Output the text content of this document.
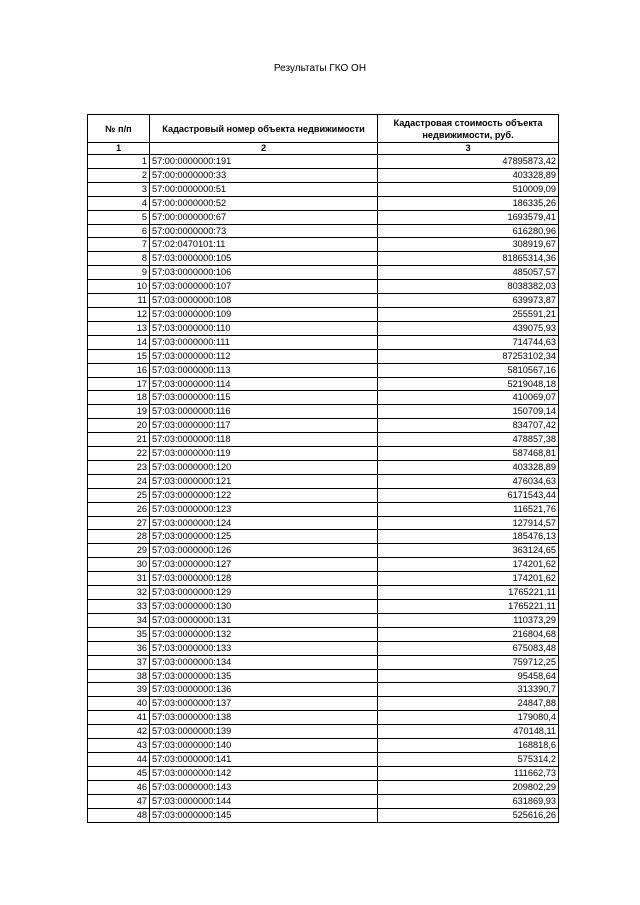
Результаты ГКО ОН
№ п/п	Кадастровый номер объекта недвижимости	Кадастровая стоимость объекта недвижимости, руб.
1	2	3
1	57:00:0000000:191	47895873,42
2	57:00:0000000:33	403328,89
3	57:00:0000000:51	510009,09
4	57:00:0000000:52	186335,26
5	57:00:0000000:67	1693579,41
6	57:00:0000000:73	616280,96
7	57:02:0470101:11	308919,67
8	57:03:0000000:105	81865314,36
9	57:03:0000000:106	485057,57
10	57:03:0000000:107	8038382,03
11	57:03:0000000:108	639973,87
12	57:03:0000000:109	255591,21
13	57:03:0000000:110	439075,93
14	57:03:0000000:111	714744,63
15	57:03:0000000:112	87253102,34
16	57:03:0000000:113	5810567,16
17	57:03:0000000:114	5219048,18
18	57:03:0000000:115	410069,07
19	57:03:0000000:116	150709,14
20	57:03:0000000:117	834707,42
21	57:03:0000000:118	478857,38
22	57:03:0000000:119	587468,81
23	57:03:0000000:120	403328,89
24	57:03:0000000:121	476034,63
25	57:03:0000000:122	6171543,44
26	57:03:0000000:123	116521,76
27	57:03:0000000:124	127914,57
28	57:03:0000000:125	185476,13
29	57:03:0000000:126	363124,65
30	57:03:0000000:127	174201,62
31	57:03:0000000:128	174201,62
32	57:03:0000000:129	1765221,11
33	57:03:0000000:130	1765221,11
34	57:03:0000000:131	110373,29
35	57:03:0000000:132	216804,68
36	57:03:0000000:133	675083,48
37	57:03:0000000:134	759712,25
38	57:03:0000000:135	95458,64
39	57:03:0000000:136	313390,7
40	57:03:0000000:137	24847,88
41	57:03:0000000:138	179080,4
42	57:03:0000000:139	470148,11
43	57:03:0000000:140	168818,6
44	57:03:0000000:141	575314,2
45	57:03:0000000:142	111662,73
46	57:03:0000000:143	209802,29
47	57:03:0000000:144	631869,93
48	57:03:0000000:145	525616,26
